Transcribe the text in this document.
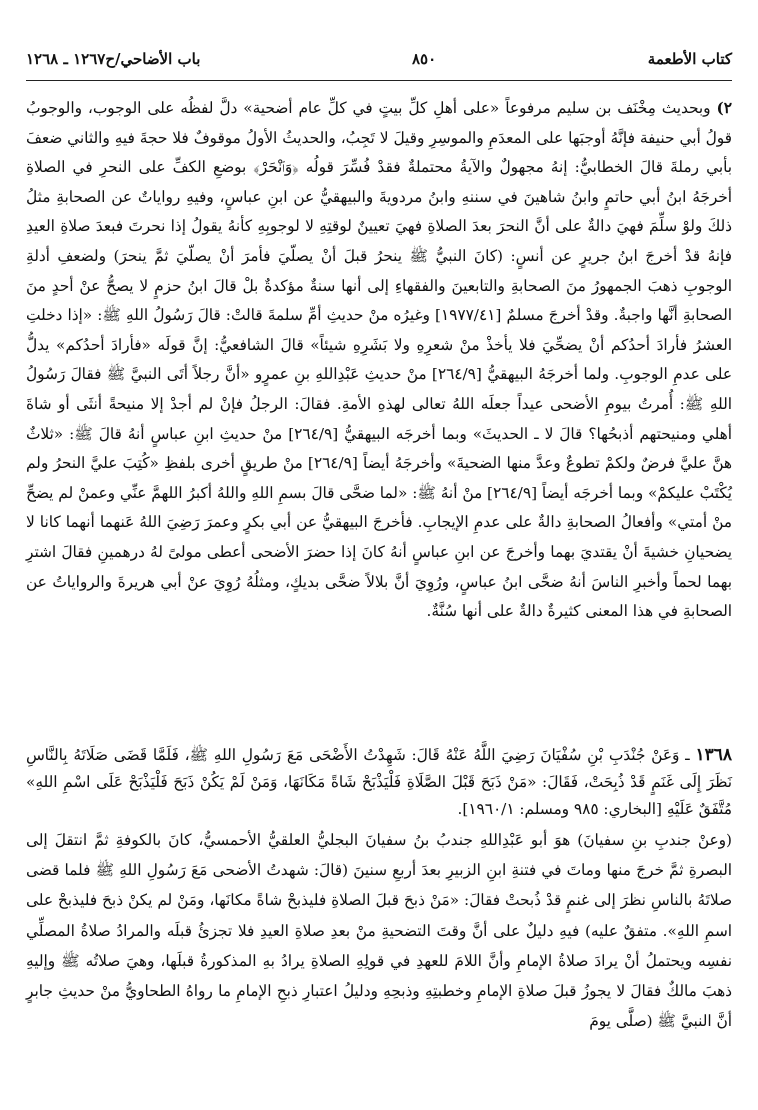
كتاب الأطعمة
٨٥٠
باب الأضاحي/ح١٢٦٧ ـ ١٢٦٨

٢) وبحديث مِخْنَف بن سليم مرفوعاً «على أهلِ كلِّ بيتٍ في كلِّ عام أضحية» دلَّ لفظُه على الوجوب، والوجوبُ قولُ أبي حنيفة فإنَّهُ أوجبَها على المعدَمِ والموسِرِ وقيلَ لا تَجِبُ، والحديثُ الأولُ موقوفٌ فلا حجةَ فيهِ والثاني ضعفَ بأبي رملةَ قالَ الخطابيُّ: إنهُ مجهولٌ والآيةُ محتملةٌ فقدْ فُسِّرَ قولُه ﴿وَٱنْحَرْ﴾ بوضعِ الكفِّ على النحرِ في الصلاةِ أخرجَهُ ابنُ أبي حاتمٍ وابنُ شاهينَ في سننهِ وابنُ مردويةَ والبيهقيُّ عن ابنِ عباسٍ، وفيهِ رواياتٌ عن الصحابةِ مثلُ ذلكَ ولوْ سلِّمَ فهيَ دالةٌ على أنَّ النحرَ بعدَ الصلاةِ فهيَ تعيينٌ لوقتِهِ لا لوجوبِهِ كأنهُ يقولُ إذا نحرتَ فبعدَ صلاةِ العيدِ فإنهُ قدْ أخرجَ ابنُ جريرٍ عن أنسٍ: (كانَ النبيُّ ﷺ ينحرُ قبلَ أنْ يصلّيَ فأمرَ أنْ يصلّيَ ثمَّ ينحرَ) ولضعفِ أدلةِ الوجوبِ ذهبَ الجمهورُ منَ الصحابةِ والتابعينَ والفقهاءِ إلى أنها سنةٌ مؤكدةٌ بلْ قالَ ابنُ حزمٍ لا يصحُّ عنْ أحدٍ منَ الصحابةِ أنَّها واجبةٌ. وقدْ أخرجَ مسلمٌ [١٩٧٧/٤١] وغيرُه منْ حديثِ أمِّ سلمةَ قالتْ: قالَ رَسُولُ اللهِ ﷺ: «إذا دخلتِ العشرُ فأرادَ أحدُكم أنْ يضحِّيَ فلا يأخذْ منْ شعرِهِ ولا بَشَرِهِ شيئاً» قالَ الشافعيُّ: إنَّ قولَه «فأرادَ أحدُكم» يدلُّ على عدمِ الوجوبِ. ولما أخرجَهُ البيهقيُّ [٢٦٤/٩] منْ حديثِ عَبْدِاللهِ بنِ عمرٍو «أنَّ رجلاً أتَى النبيَّ ﷺ فقالَ رَسُولُ اللهِ ﷺ: أُمرتُ بيومِ الأضحى عيداً جعلَه اللهُ تعالى لهذهِ الأمةِ. فقالَ: الرجلُ فإنْ لم أجدْ إلا منيحةً أنثَى أو شاةَ أهلي ومنيحتهم أذبحُها؟ قالَ لا ـ الحديثَ» وبما أخرجَه البيهقيُّ [٢٦٤/٩] منْ حديثِ ابنِ عباسٍ أنهُ قالَ ﷺ: «ثلاثٌ هنَّ عليَّ فرضٌ ولكمْ تطوعٌ وعدَّ منها الضحيةَ» وأخرجَهُ أيضاً [٢٦٤/٩] منْ طريقٍ أخرى بلفظِ «كُتِبَ عليَّ النحرُ ولم يُكْتَبْ عليكمْ» وبما أخرجَه أيضاً [٢٦٤/٩] منْ أنهُ ﷺ: «لما ضحَّى قالَ بسمِ اللهِ واللهُ أكبرُ اللهمَّ عنِّي وعمنْ لم يضحِّ منْ أمتي» وأفعالُ الصحابةِ دالةٌ على عدمِ الإيجابِ. فأخرجَ البيهقيُّ عن أبي بكرٍ وعمرَ رَضِيَ اللهُ عَنهما أنهما كانا لا يضحيانِ خشيةَ أنْ يقتديَ بهما وأخرجَ عن ابنِ عباسٍ أنهُ كانَ إذا حضرَ الأضحى أعطى مولىً لهُ درهمينِ فقالَ اشترِ بهما لحماً وأخبرِ الناسَ أنهُ ضحَّى ابنُ عباسٍ، ورُوِيَ أنَّ بلالاً ضحَّى بديكٍ، ومثلُهُ رُوِيَ عنْ أبي هريرةَ والرواياتُ عن الصحابةِ في هذا المعنى كثيرةٌ دالةٌ على أنها سُنَّةٌ.

١٣٦٨ ـ وَعَنْ جُنْدَبِ بْنِ سُفْيَانَ رَضِيَ اللَّهُ عَنْهُ قَالَ: شَهِدْتُ الأَضْحَى مَعَ رَسُولِ اللهِ ﷺ، فَلَمَّا قَضَى صَلَاتَهُ بِالنَّاسِ نَظَرَ إِلَى غَنَمٍ قَدْ ذُبِحَتْ، فَقَالَ: «مَنْ ذَبَحَ قَبْلَ الصَّلَاةِ فَلْيَذْبَحْ شَاةً مَكَانَهَا، وَمَنْ لَمْ يَكُنْ ذَبَحَ فَلْيَذْبَحْ عَلَى اسْمِ اللهِ» مُتَّفَقٌ عَلَيْهِ [البخاري: ٩٨٥ ومسلم: ١٩٦٠/١].
(وعنْ جندبِ بنِ سفيانَ) هوَ أبو عَبْدِاللهِ جندبُ بنُ سفيانَ البجليُّ العلقيُّ الأحمسيُّ، كانَ بالكوفةِ ثمَّ انتقلَ إلى البصرةِ ثمَّ خرجَ منها وماتَ في فتنةِ ابنِ الزبيرِ بعدَ أربعِ سنينَ (قالَ: شهدتُ الأضحى مَعَ رَسُولِ اللهِ ﷺ فلما قضى صلاتَهُ بالناسِ نظرَ إلى غنمٍ قدْ ذُبحتْ فقالَ: «مَنْ ذبحَ قبلَ الصلاةِ فليذبحْ شاةً مكانَها، ومَنْ لم يكنْ ذبحَ فليذبحْ على اسمِ اللهِ». متفقٌ عليه) فيهِ دليلٌ على أنَّ وقتَ التضحيةِ منْ بعدِ صلاةِ العيدِ فلا تجزئُ قبلَه والمرادُ صلاةُ المصلِّي نفسِه ويحتملُ أنْ يرادَ صلاةُ الإمامِ وأنَّ اللامَ للعهدِ في قولِهِ الصلاةِ يرادُ بهِ المذكورةُ قبلَها، وهيَ صلاتُه ﷺ وإليهِ ذهبَ مالكٌ فقالَ لا يجوزُ قبلَ صلاةِ الإمامِ وخطبتِهِ وذبحِهِ ودليلُ اعتبارِ ذبحِ الإمامِ ما رواهُ الطحاويُّ منْ حديثِ جابرٍ أنَّ النبيَّ ﷺ (صلَّى يومَ
